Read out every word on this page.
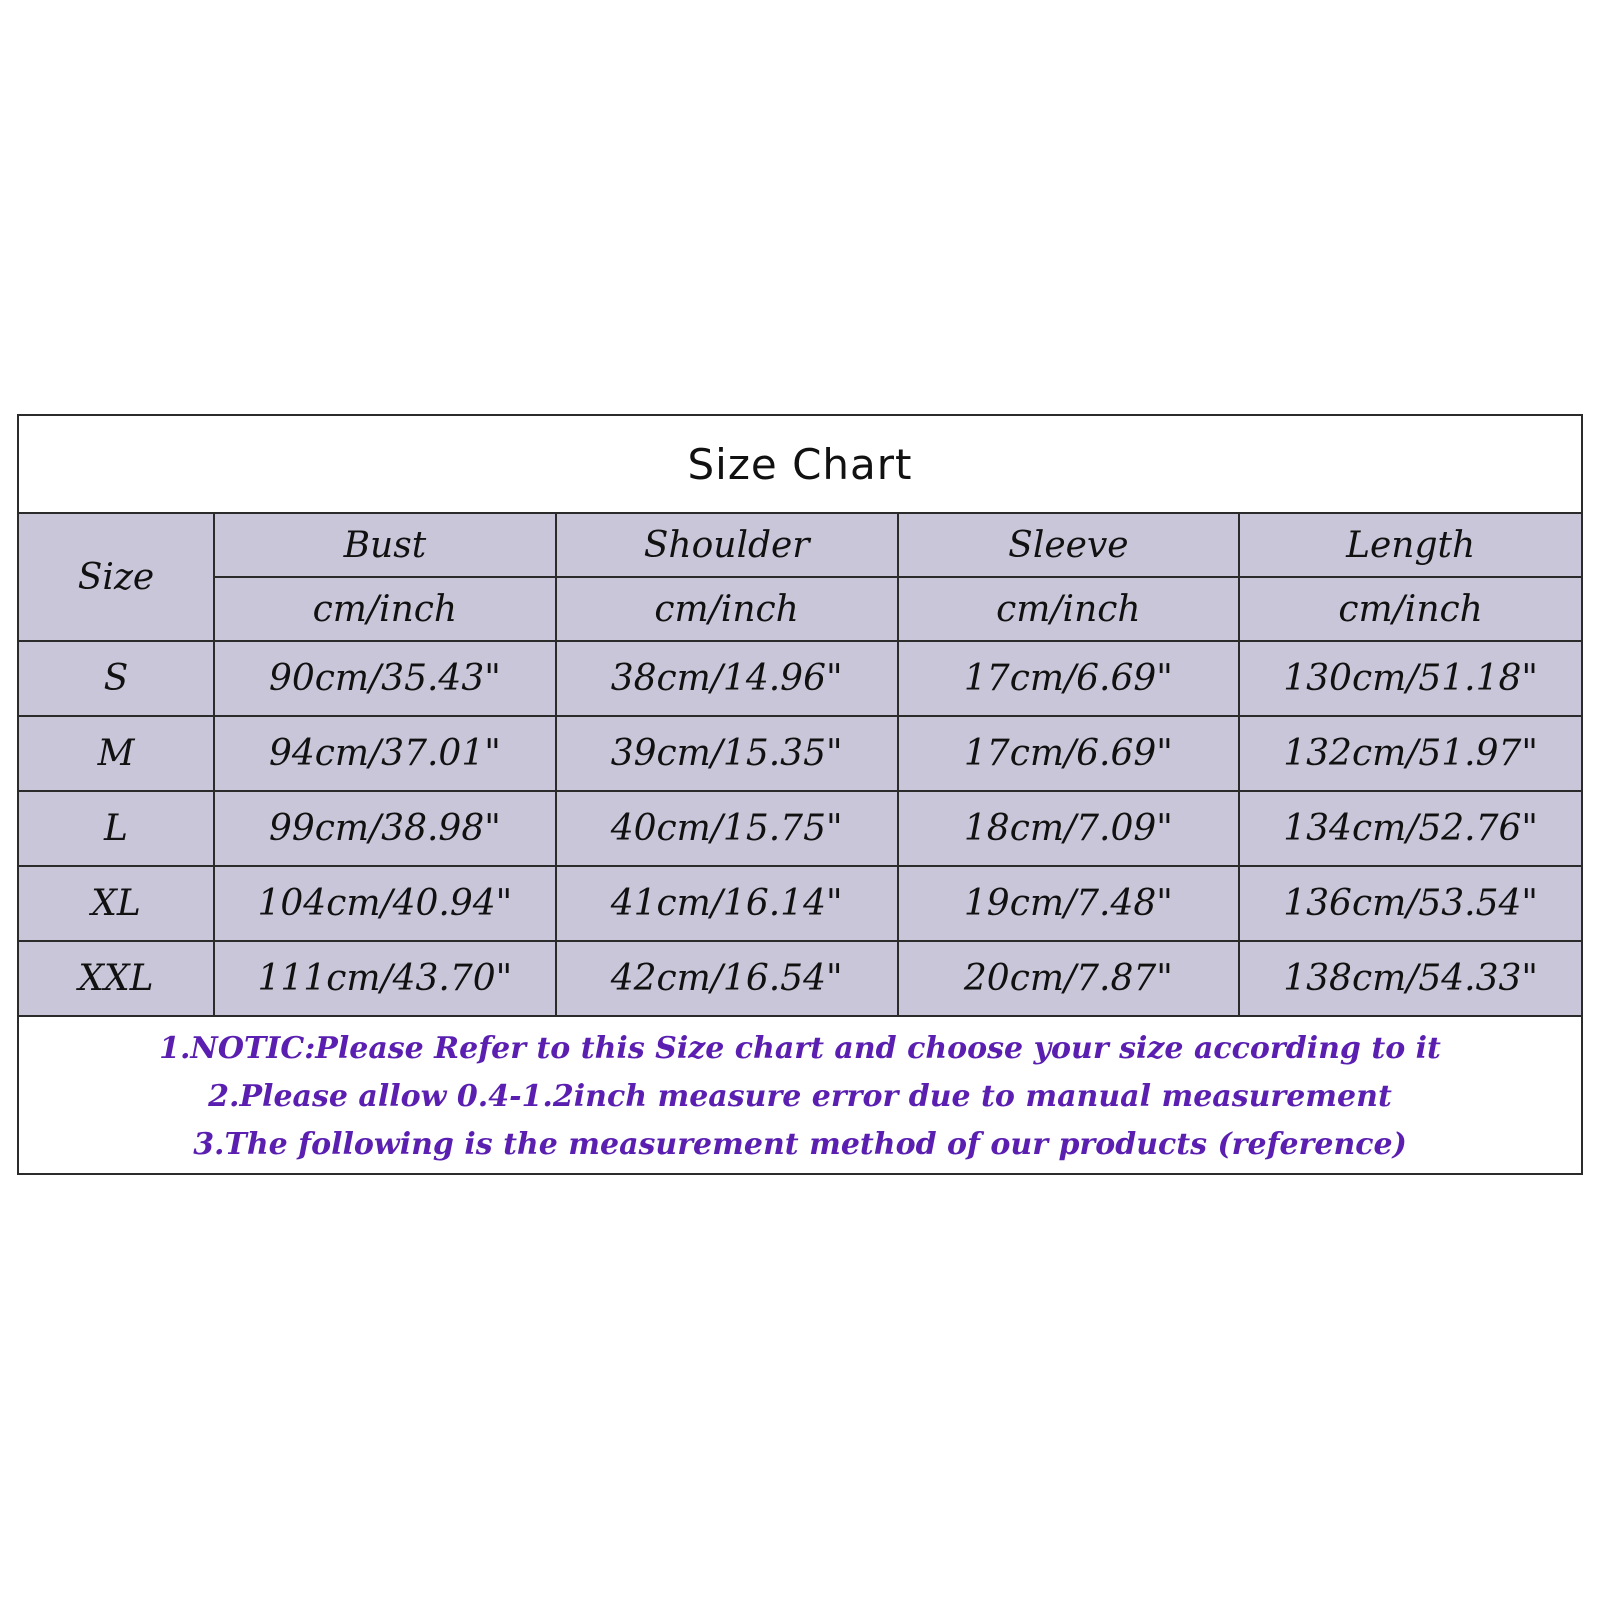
Size Chart
Size	Bust	Shoulder	Sleeve	Length
	cm/inch	cm/inch	cm/inch	cm/inch
S	90cm/35.43"	38cm/14.96"	17cm/6.69"	130cm/51.18"
M	94cm/37.01"	39cm/15.35"	17cm/6.69"	132cm/51.97"
L	99cm/38.98"	40cm/15.75"	18cm/7.09"	134cm/52.76"
XL	104cm/40.94"	41cm/16.14"	19cm/7.48"	136cm/53.54"
XXL	111cm/43.70"	42cm/16.54"	20cm/7.87"	138cm/54.33"
1.NOTIC:Please Refer to this Size chart and choose your size according to it
2.Please allow 0.4-1.2inch measure error due to manual measurement
3.The following is the measurement method of our products (reference)
